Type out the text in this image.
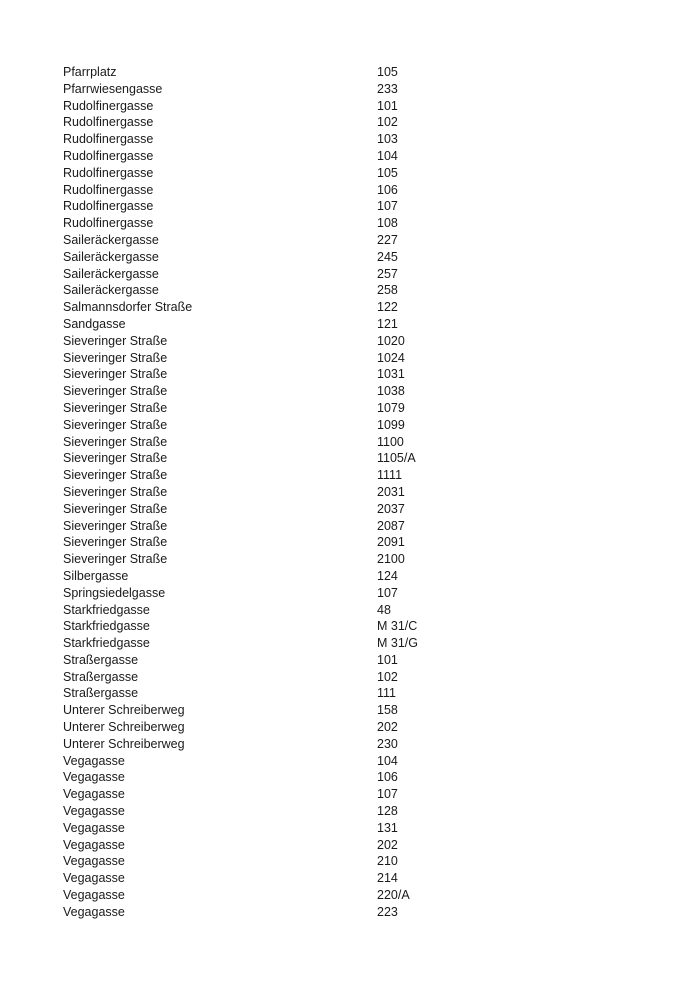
Pfarrplatz	105
Pfarrwiesengasse	233
Rudolfinergasse	101
Rudolfinergasse	102
Rudolfinergasse	103
Rudolfinergasse	104
Rudolfinergasse	105
Rudolfinergasse	106
Rudolfinergasse	107
Rudolfinergasse	108
Saileräckergasse	227
Saileräckergasse	245
Saileräckergasse	257
Saileräckergasse	258
Salmannsdorfer Straße	122
Sandgasse	121
Sieveringer Straße	1020
Sieveringer Straße	1024
Sieveringer Straße	1031
Sieveringer Straße	1038
Sieveringer Straße	1079
Sieveringer Straße	1099
Sieveringer Straße	1100
Sieveringer Straße	1105/A
Sieveringer Straße	1111
Sieveringer Straße	2031
Sieveringer Straße	2037
Sieveringer Straße	2087
Sieveringer Straße	2091
Sieveringer Straße	2100
Silbergasse	124
Springsiedelgasse	107
Starkfriedgasse	48
Starkfriedgasse	M 31/C
Starkfriedgasse	M 31/G
Straßergasse	101
Straßergasse	102
Straßergasse	111
Unterer Schreiberweg	158
Unterer Schreiberweg	202
Unterer Schreiberweg	230
Vegagasse	104
Vegagasse	106
Vegagasse	107
Vegagasse	128
Vegagasse	131
Vegagasse	202
Vegagasse	210
Vegagasse	214
Vegagasse	220/A
Vegagasse	223
